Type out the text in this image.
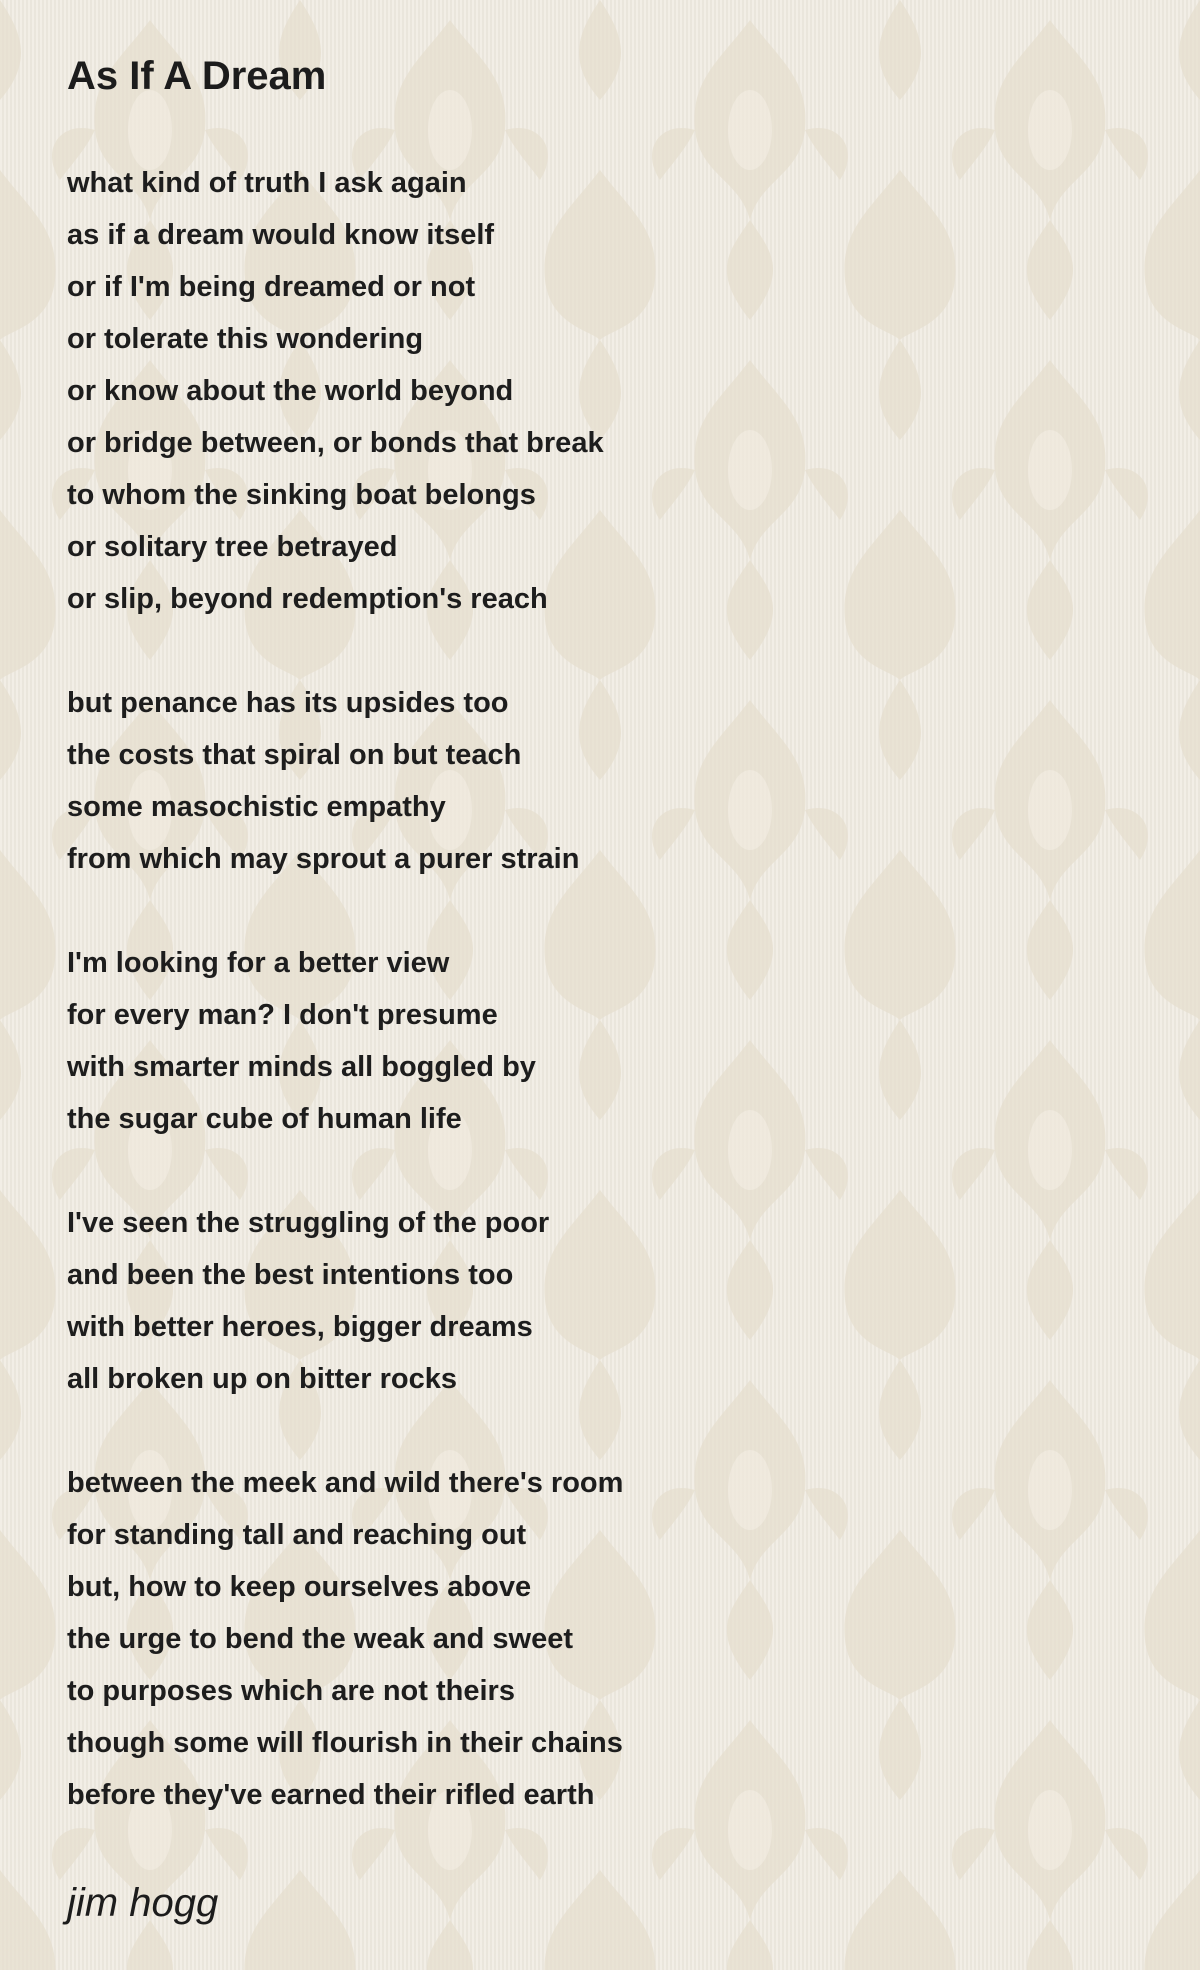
As If A Dream
what kind of truth I ask again
as if a dream would know itself
or if I'm being dreamed or not
or tolerate this wondering
or know about the world beyond
or bridge between, or bonds that break
to whom the sinking boat belongs
or solitary tree betrayed
or slip, beyond redemption's reach
but penance has its upsides too
the costs that spiral on but teach
some masochistic empathy
from which may sprout a purer strain
I'm looking for a better view
for every man? I don't presume
with smarter minds all boggled by
the sugar cube of human life
I've seen the struggling of the poor
and been the best intentions too
with better heroes, bigger dreams
all broken up on bitter rocks
between the meek and wild there's room
for standing tall and reaching out
but, how to keep ourselves above
the urge to bend the weak and sweet
to purposes which are not theirs
though some will flourish in their chains
before they've earned their rifled earth
jim hogg
